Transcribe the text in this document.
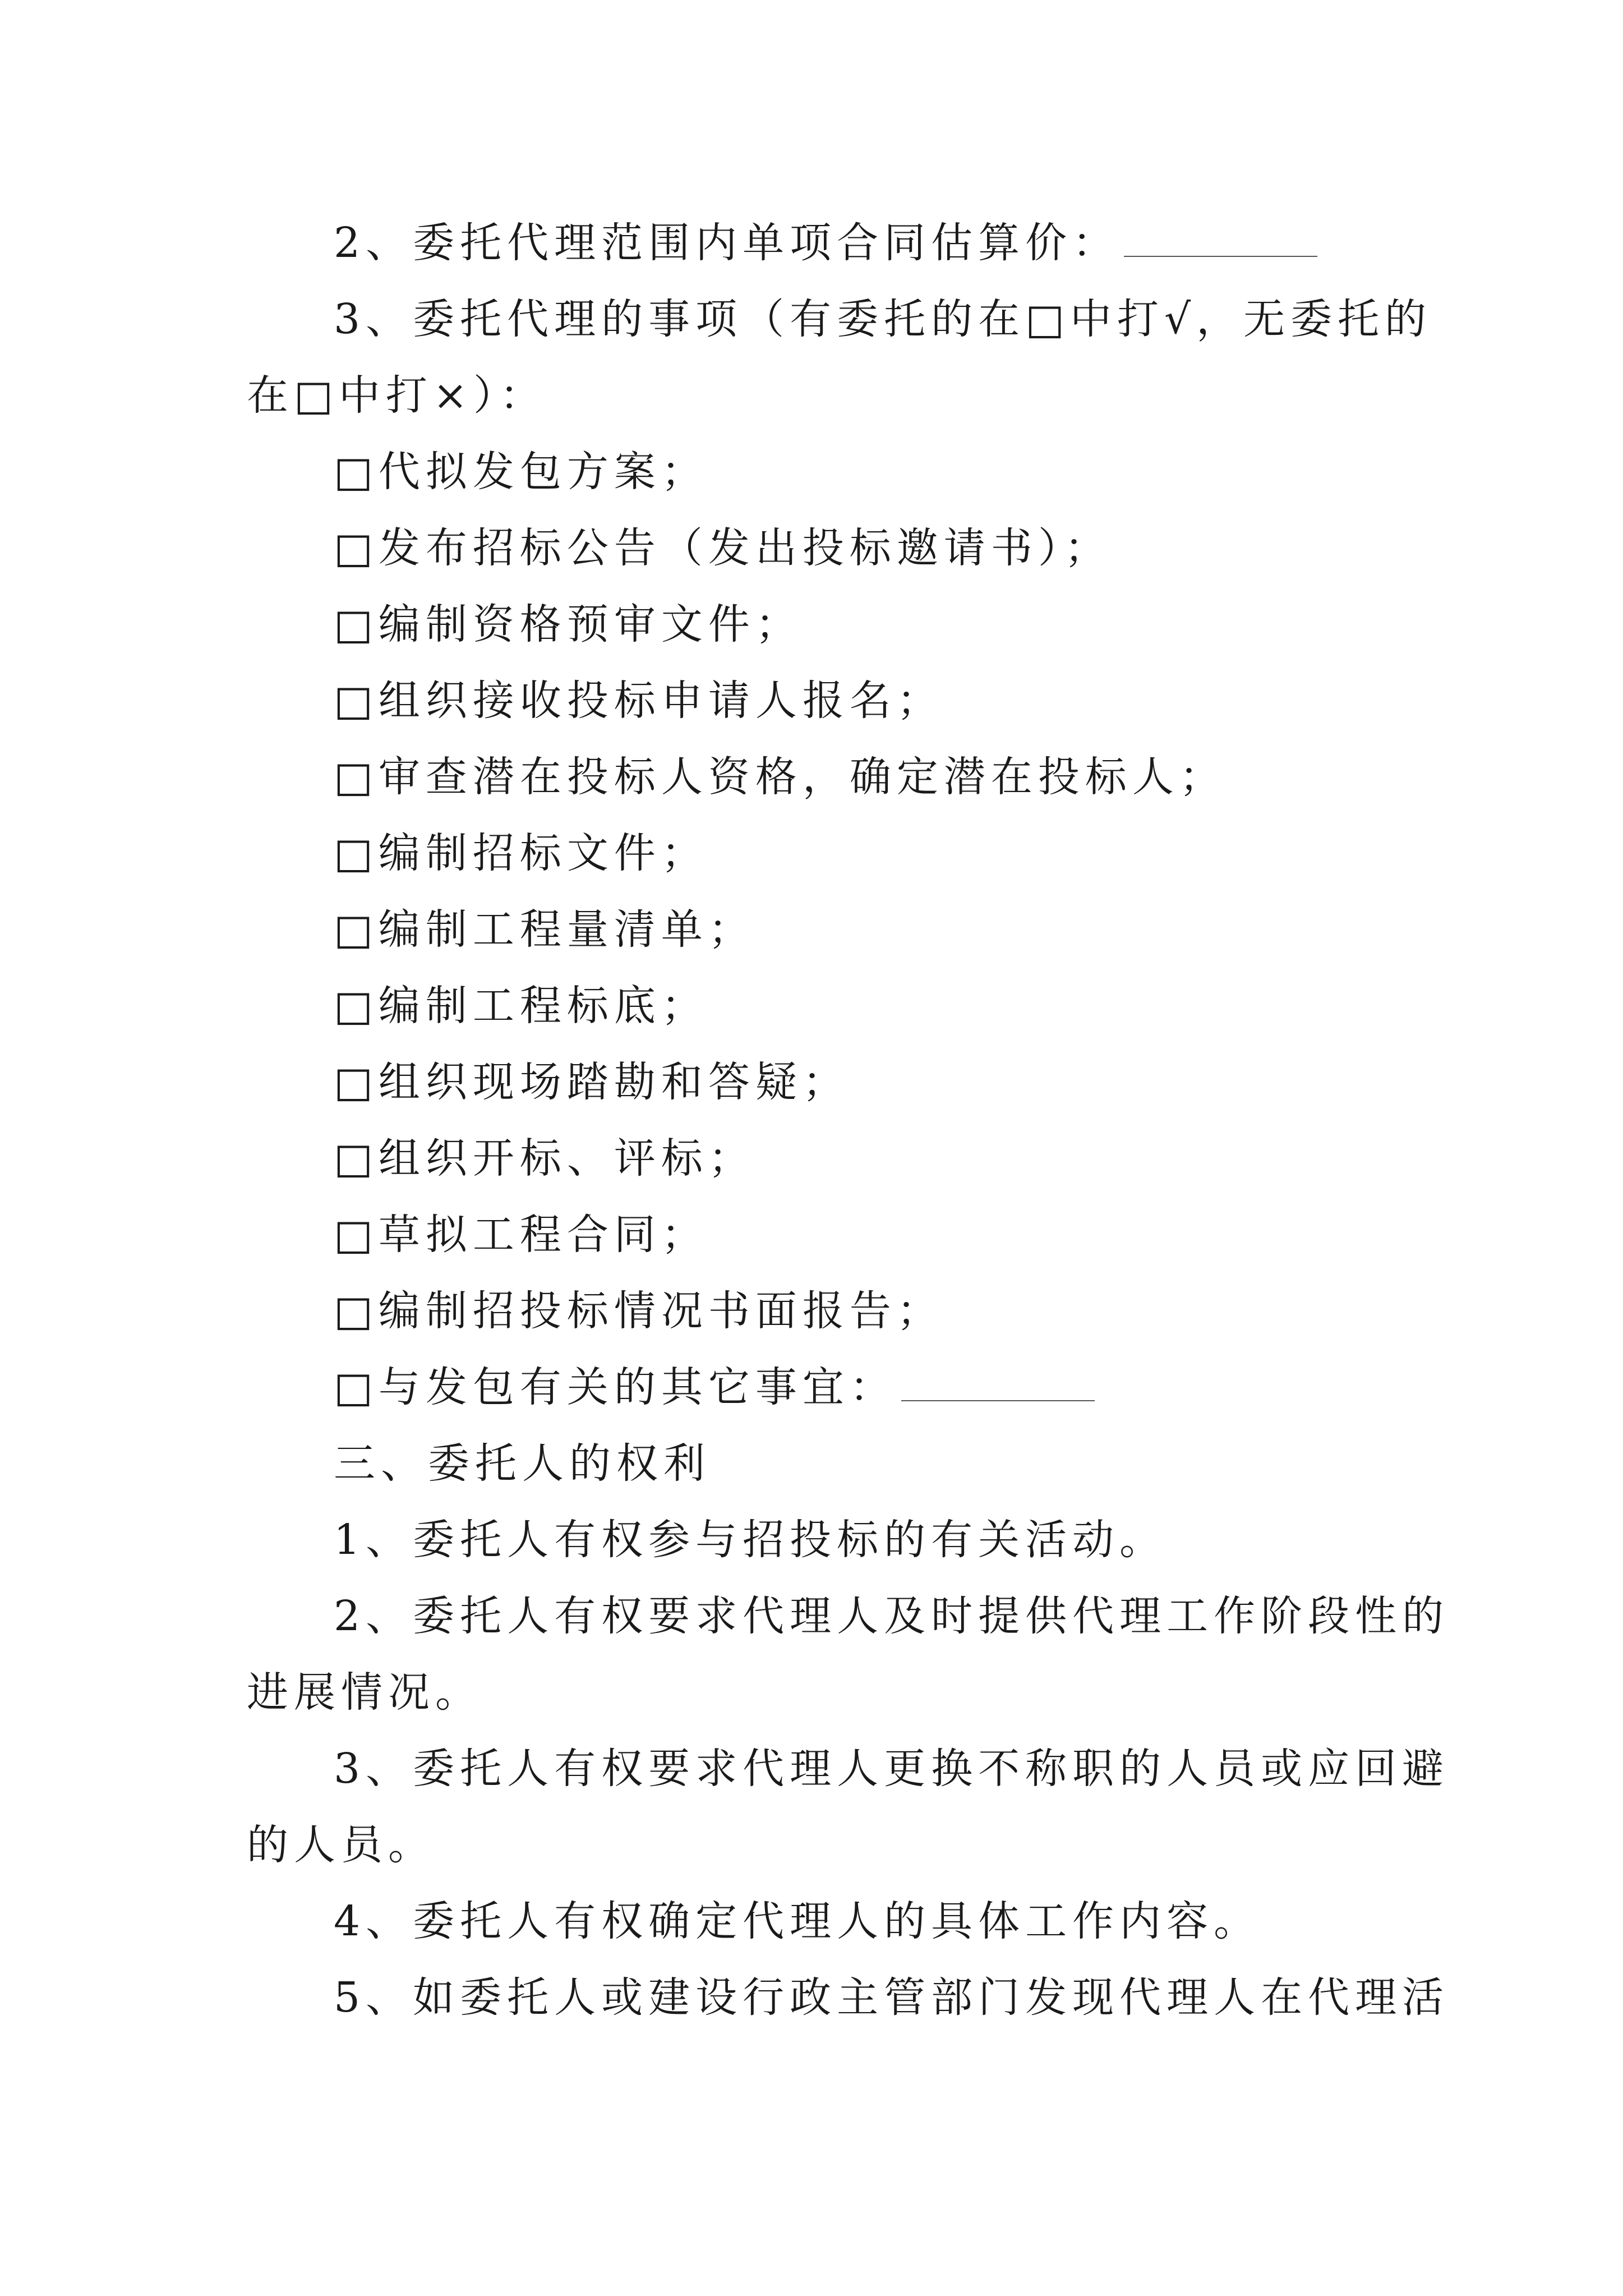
2、委托代理范围内单项合同估算价：
3、委托代理的事项（有委托的在□中打√，无委托的
在□中打×）：
□代拟发包方案；
□发布招标公告（发出投标邀请书）；
□编制资格预审文件；
□组织接收投标申请人报名；
□审查潜在投标人资格，确定潜在投标人；
□编制招标文件；
□编制工程量清单；
□编制工程标底；
□组织现场踏勘和答疑；
□组织开标、评标；
□草拟工程合同；
□编制招投标情况书面报告；
□与发包有关的其它事宜：
三、委托人的权利
1、委托人有权参与招投标的有关活动。
2、委托人有权要求代理人及时提供代理工作阶段性的
进展情况。
3、委托人有权要求代理人更换不称职的人员或应回避
的人员。
4、委托人有权确定代理人的具体工作内容。
5、如委托人或建设行政主管部门发现代理人在代理活
